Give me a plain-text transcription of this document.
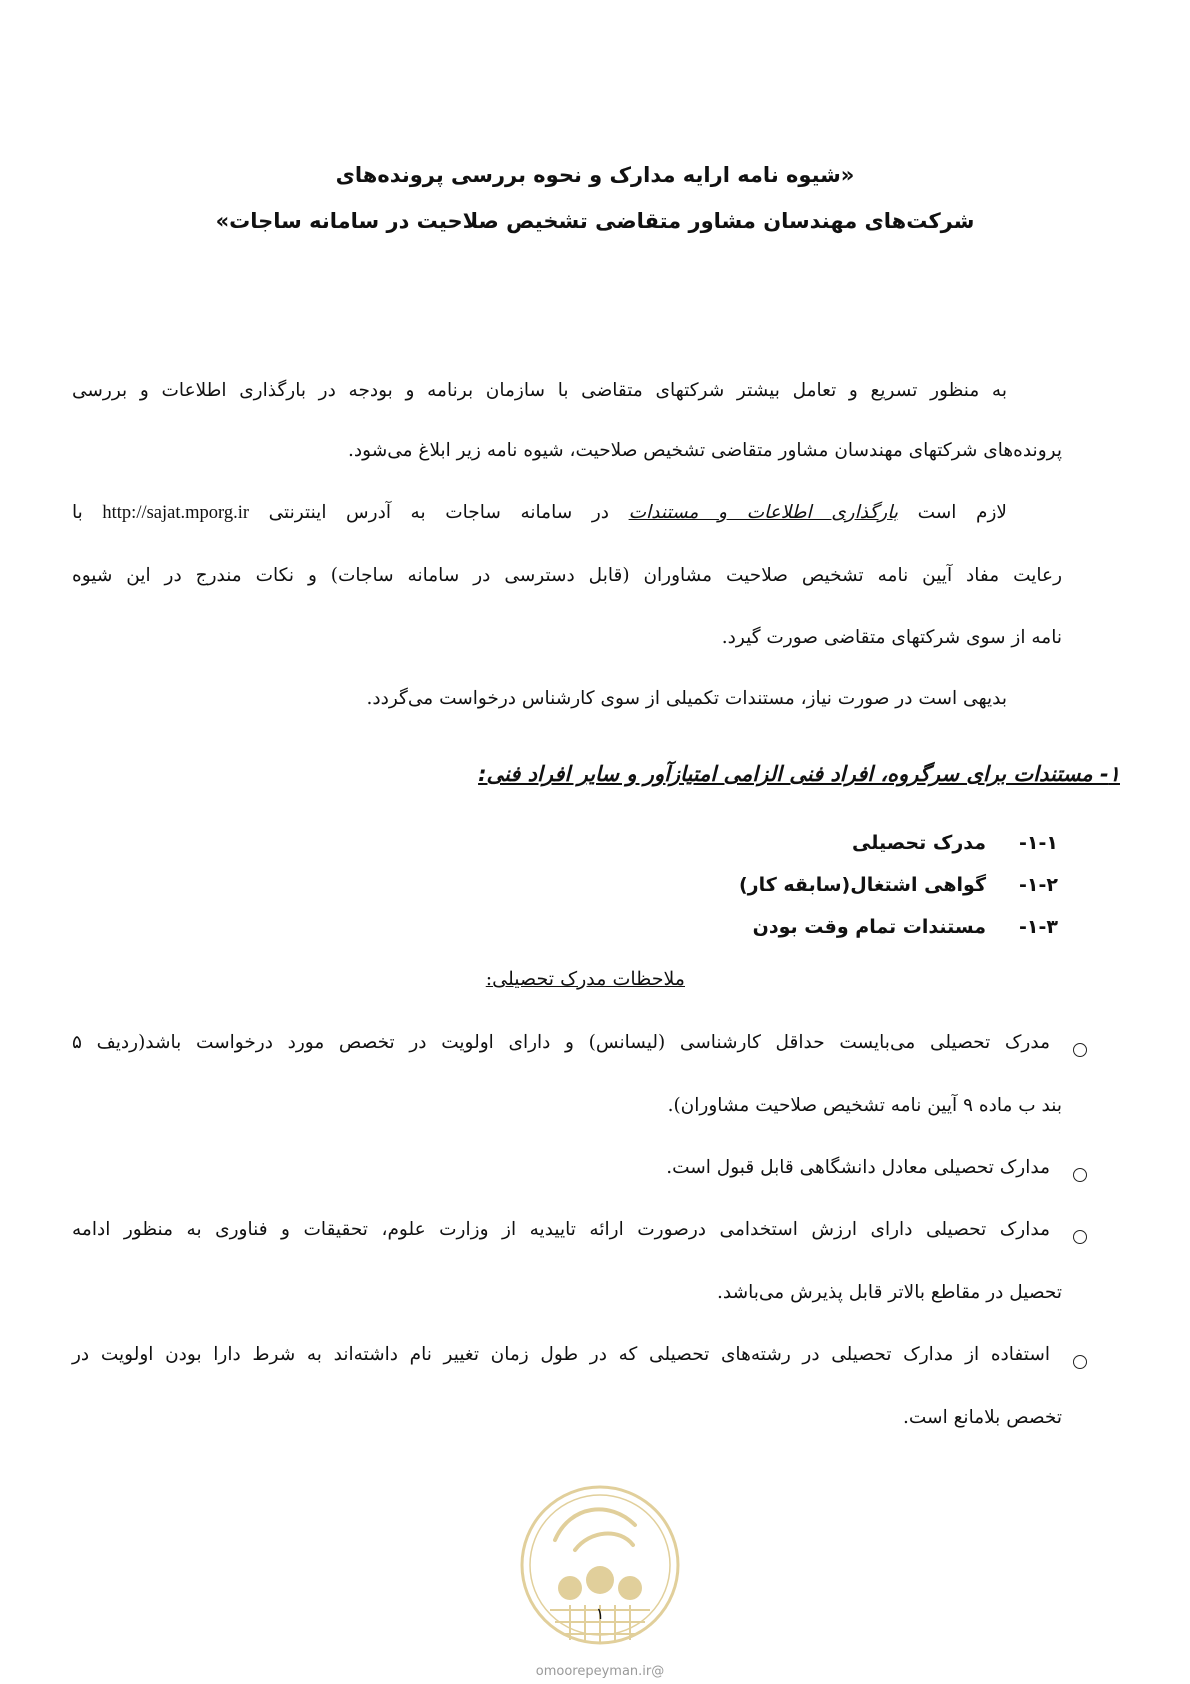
«شیوه نامه ارایه مدارک و نحوه بررسی پرونده‌های
شرکت‌های مهندسان مشاور متقاضی تشخیص صلاحیت در سامانه ساجات»
به منظور تسریع و تعامل بیشتر شرکتهای متقاضی با سازمان برنامه و بودجه در بارگذاری اطلاعات و بررسی
پرونده‌های شرکتهای مهندسان مشاور متقاضی تشخیص صلاحیت، شیوه نامه زیر ابلاغ می‌شود.
لازم است بارگذاری اطلاعات و مستندات در سامانه ساجات به آدرس اینترنتی http://sajat.mporg.ir با
رعایت مفاد آیین نامه تشخیص صلاحیت مشاوران (قابل دسترسی در سامانه ساجات) و نکات مندرج در این شیوه
نامه از سوی شرکتهای متقاضی صورت گیرد.
بدیهی است در صورت نیاز، مستندات تکمیلی از سوی کارشناس درخواست می‌گردد.
۱- مستندات برای سرگروه، افراد فنی الزامی امتیازآور و سایر افراد فنی:
۱-۱-مدرک تحصیلی
۱-۲-گواهی اشتغال(سابقه کار)
۱-۳-مستندات تمام وقت بودن
ملاحظات مدرک تحصیلی:
مدرک تحصیلی می‌بایست حداقل کارشناسی (لیسانس) و دارای اولویت در تخصص مورد درخواست باشد(ردیف ۵
بند ب ماده ۹ آیین نامه تشخیص صلاحیت مشاوران).
مدارک تحصیلی معادل دانشگاهی قابل قبول است.
مدارک تحصیلی دارای ارزش استخدامی درصورت ارائه تاییدیه از وزارت علوم، تحقیقات و فناوری به منظور ادامه
تحصیل در مقاطع بالاتر قابل پذیرش می‌باشد.
استفاده از مدارک تحصیلی در رشته‌های تحصیلی که در طول زمان تغییر نام داشته‌اند به شرط دارا بودن اولویت در
تخصص بلامانع است.
۱
@omoorepeyman.ir
